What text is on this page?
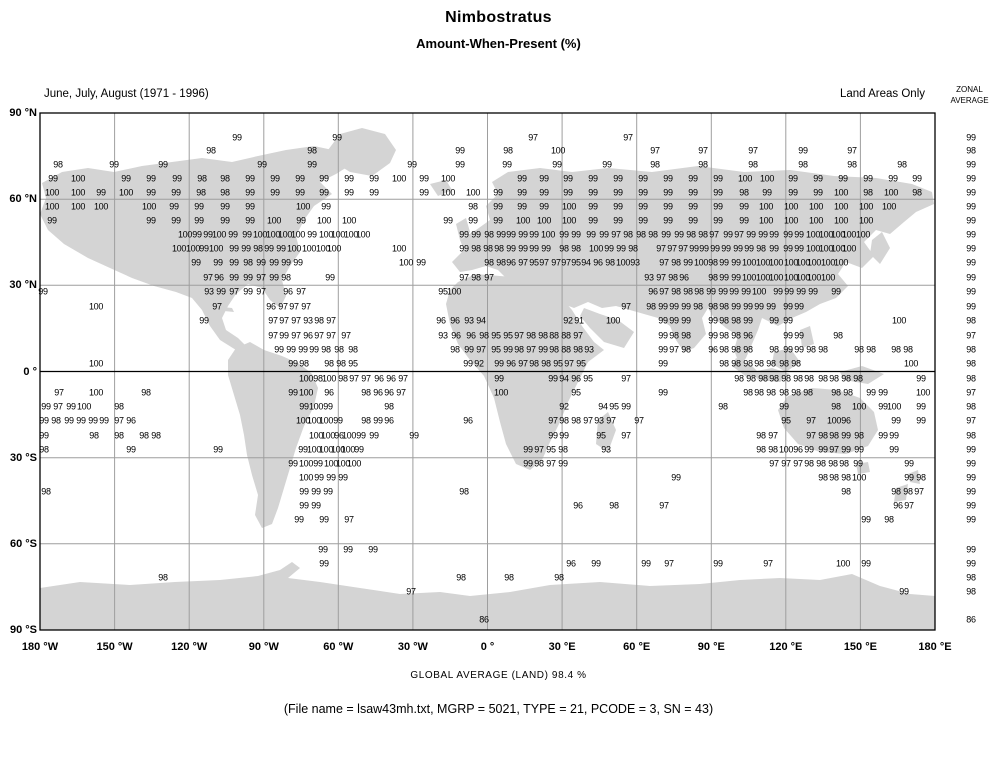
Nimbostratus
Amount-When-Present (%)
June, July, August (1971 - 1996)	Land Areas Only	ZONAL
AVERAGE
99	99	97	97
98	98	99	98	100	97	97	97	99	97
98	99	99	99	99	99	99	99	99	99	98	98	98	98	98	98
99 100	99 99 99 98 98 99 99 99 99 99 99 100 99 100	99 99 99 99 99 99 99 99 99 100 100 99 99 99 99 99 99
100 100 99 100 99 99 98 98 99 99 99 99 99 99	99 100 100 99 99 99 99 99 99 99 99 99 99 98 99 99 99 100 98 100 98
100 100 100	100 99 99 99 99	100 99	98 99 99 99 100 99 99 99 99 99 99 99 100 100 100 100 100 100
99	99 99 99 99 99 100 99 100 100	99 99 99 100 100 100 99 99 99 99 99 99 99 100 100 100 100 100
100 99 99 100 99 99 100
100
100
100 99 100
100
100
100	99 99 98 99 99 99 99 100 99 99 99 99 97 98 98 98 99 99 98 98 97 99 97 99 99 99 99 99 100
100
100
100 100
100 100 99 100 99 99 98 99 99 100 100 100
100	100	99 98 98 98 99 99 99 99 98 98 100 99 99 98 97 97 97 99 99 99 99 99 99 98 99 99 99 100
100
100
100
99 99 99 98 99 99 99 99	100 99	98 98 96 97 95 97 97 97 95 94 96 98 100 93 97 98 99 100 98 99 99 100 100
100 100
100
100 100
100
97 96 99 99 97 99 98	99	97 98 97	93 97 98 96 98 99 99 100 100
100 100
100
100 100
99	93 99 97 99 97 96 97	95 100	96 97 98 98 98 99 99 99 99 100 99 99 99 99 99
100	97	96 97 97 97	97 98 99 99 99 98 98 98 99 99 99 99 99 99
99	97 97 97 93 98 97	96 96 93 94	92 91 100	99 99 99 99 98 98 99 99 99	100
97 99 97 96 97 97 97	93 96 96 98 95 95 97 98 98 88 88 97	99 98 98 99 98 98 96	99 99	98
99 99 99 99 98 98 98	98 99 97 95 99 98 97 99 98 88 98 93	99 97 98 96 98 98 98 98 99 99 98 98	98 98 98 98
100	99 98 98 98 95	99 92 99 96 97 98 98 95 97 95	99	98 98 98 98 98 98 98	100
100 98 100 98 97 97 96 96 97	99	99 94 96 95	97	98 98 98 98 98 98 98 98 98 98 98	99
97	100	98	99 100 96	98 96 96 97	100	95	99	98 98 98 98 98 98 98 98 99 99	100
99 97 99 100	98	99 100 99	98	92	94 95 99	98	99	98 100 99 100 99
99 98 99 99 99 99 97 96	100
100
100 99 98 99 96	96	97 98 98 97 93 97 97	95 97 100 96	99 99
99	98 98 98 98	100
100 96
100 99 99	99	99 99	95 97	98 97	97 98 98 99 98 99 99
98	99	99	99 100
100
100
100 99	99 97 95 98	93	98 98 100 96 99 99 97 99 99	99
99 100 99 100
100
100	99 98 97 99	97 97 97 98 98 98 98 99	99
100 99 99 99	99	98 98 98 100	99 98
98	99 99 99	98	98	98 98 97
99 99	96	98	97	96 97
99 99 97	99 98
99 99 99
99	96 99	99 97	99	97	100 99
98	98	98	98
97	99
86
99
98
99
99
99
99
99
99
99
99
99
99
99
98
97
98
98
98
97
98
97
98
99
99
99
99
99
99
99
99
98
98
86
90 °N
60 °N
30 °N
0 °
30 °S
60 °S
90 °S
180 °W	150 °W	120 °W	90 °W	60 °W	30 °W	0 °	30 °E	60 °E	90 °E	120 °E	150 °E	180 °E
GLOBAL AVERAGE (LAND) 98.4 %
(File name = lsaw43mh.txt, MGRP = 5021, TYPE = 21, PCODE = 3, SN = 43)
